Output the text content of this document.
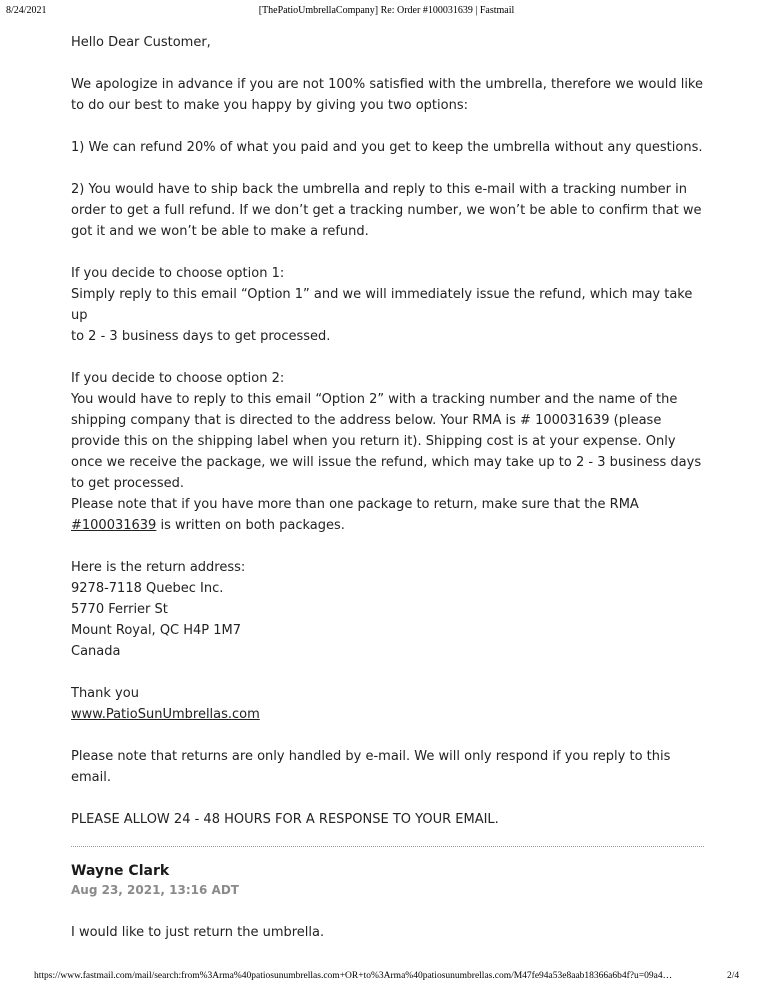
8/24/2021	[ThePatioUmbrellaCompany] Re: Order #100031639 | Fastmail

Hello Dear Customer,

We apologize in advance if you are not 100% satisfied with the umbrella, therefore we would like
to do our best to make you happy by giving you two options:

1) We can refund 20% of what you paid and you get to keep the umbrella without any questions.

2) You would have to ship back the umbrella and reply to this e-mail with a tracking number in
order to get a full refund. If we don’t get a tracking number, we won’t be able to confirm that we
got it and we won’t be able to make a refund.

If you decide to choose option 1:
Simply reply to this email “Option 1” and we will immediately issue the refund, which may take up
to 2 - 3 business days to get processed.

If you decide to choose option 2:
You would have to reply to this email “Option 2” with a tracking number and the name of the
shipping company that is directed to the address below. Your RMA is # 100031639 (please
provide this on the shipping label when you return it). Shipping cost is at your expense. Only
once we receive the package, we will issue the refund, which may take up to 2 - 3 business days
to get processed.
Please note that if you have more than one package to return, make sure that the RMA

#100031639 is written on both packages.

Here is the return address:

9278-7118 Quebec Inc.

5770 Ferrier St

Mount Royal, QC H4P 1M7

Canada

Thank you

www.PatioSunUmbrellas.com

Please note that returns are only handled by e-mail. We will only respond if you reply to this
email.

PLEASE ALLOW 24 - 48 HOURS FOR A RESPONSE TO YOUR EMAIL.

Wayne Clark
Aug 23, 2021, 13:16 ADT
I would like to just return the umbrella.
https://www.fastmail.com/mail/search:from%3Arma%40patiosunumbrellas.com+OR+to%3Arma%40patiosunumbrellas.com/M47fe94a53e8aab18366a6b4f?u=09a4…	2/4
